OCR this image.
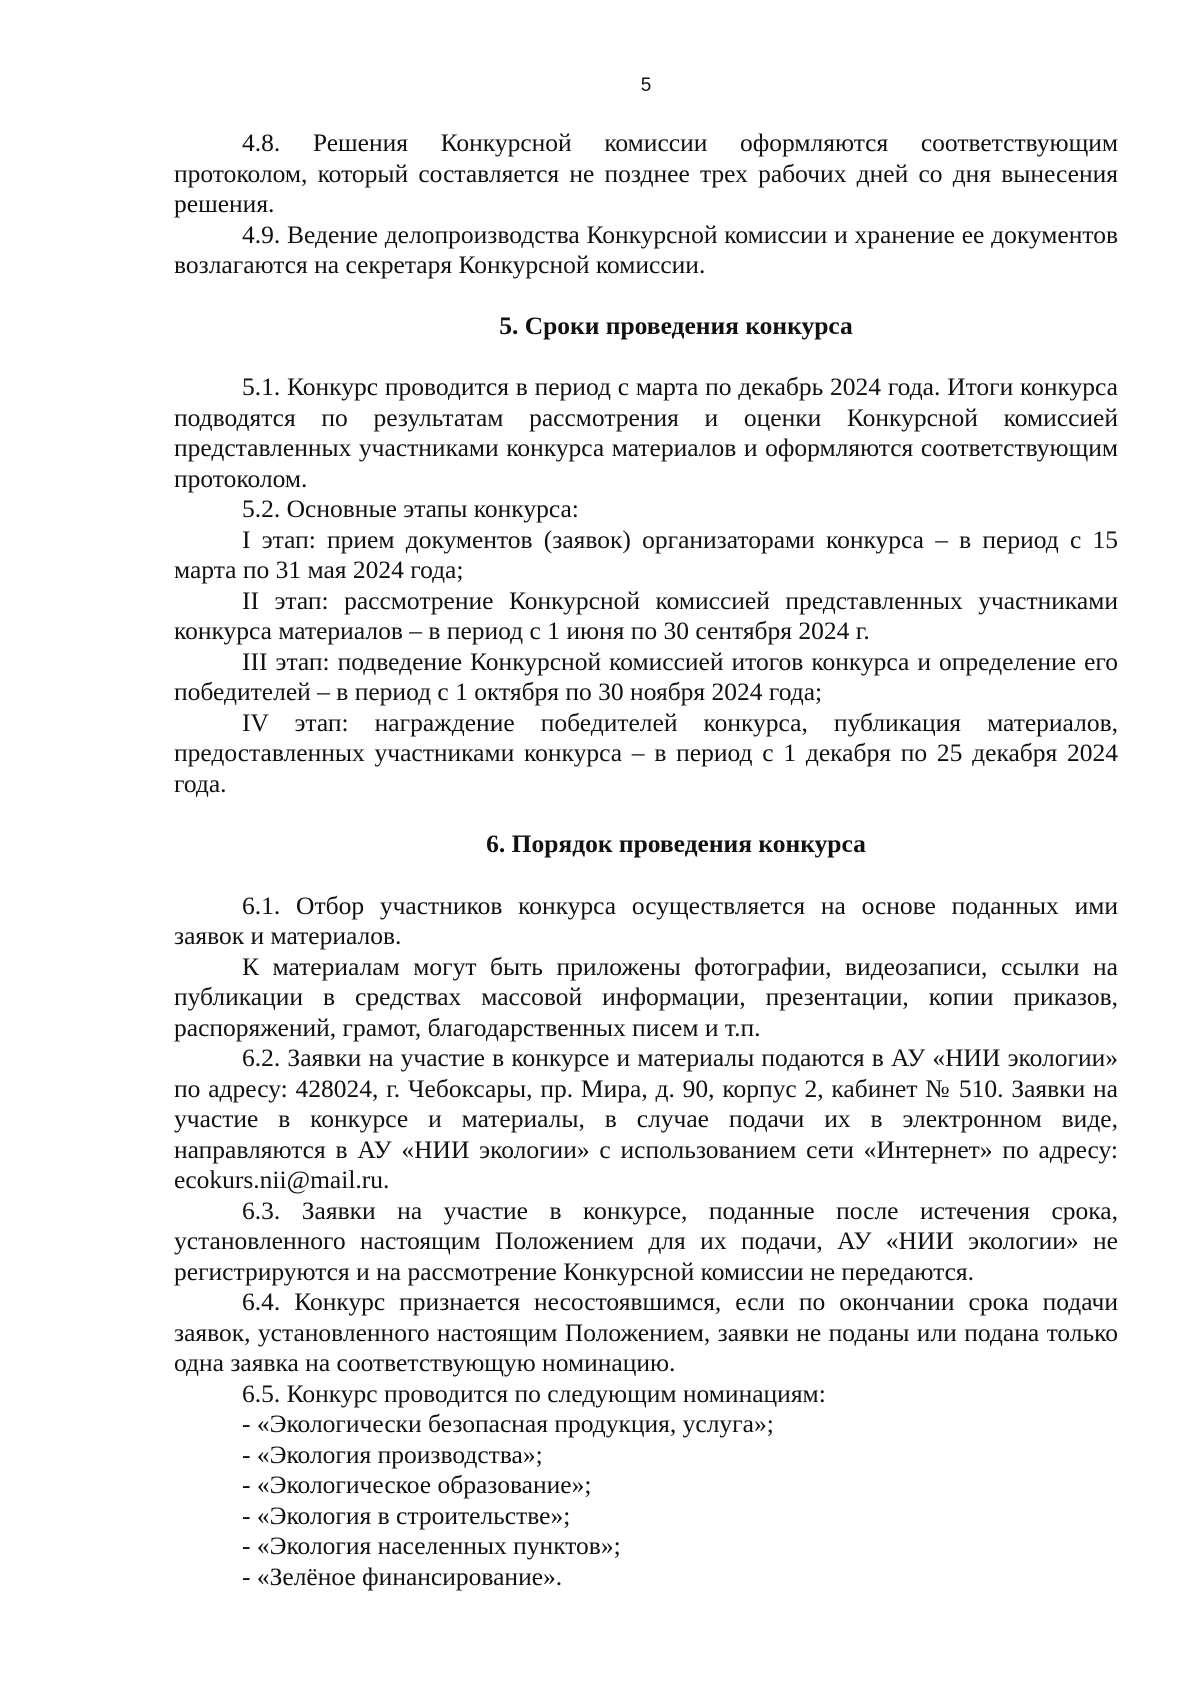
5

4.8. Решения Конкурсной комиссии оформляются соответствующим протоколом, который составляется не позднее трех рабочих дней со дня вынесения решения.

4.9. Ведение делопроизводства Конкурсной комиссии и хранение ее документов возлагаются на секретаря Конкурсной комиссии.

5. Сроки проведения конкурса

5.1. Конкурс проводится в период с марта по декабрь 2024 года. Итоги конкурса подводятся по результатам рассмотрения и оценки Конкурсной комиссией представленных участниками конкурса материалов и оформляются соответствующим протоколом.

5.2. Основные этапы конкурса:

I этап: прием документов (заявок) организаторами конкурса – в период с 15 марта по 31 мая 2024 года;

II этап: рассмотрение Конкурсной комиссией представленных участниками конкурса материалов – в период с 1 июня по 30 сентября 2024 г.

III этап: подведение Конкурсной комиссией итогов конкурса и определение его победителей – в период с 1 октября по 30 ноября 2024 года;

IV этап: награждение победителей конкурса, публикация материалов, предоставленных участниками конкурса – в период с 1 декабря по 25 декабря 2024 года.

6. Порядок проведения конкурса

6.1. Отбор участников конкурса осуществляется на основе поданных ими заявок и материалов.

К материалам могут быть приложены фотографии, видеозаписи, ссылки на публикации в средствах массовой информации, презентации, копии приказов, распоряжений, грамот, благодарственных писем и т.п.

6.2. Заявки на участие в конкурсе и материалы подаются в АУ «НИИ экологии» по адресу: 428024, г. Чебоксары, пр. Мира, д. 90, корпус 2, кабинет № 510. Заявки на участие в конкурсе и материалы, в случае подачи их в электронном виде, направляются в АУ «НИИ экологии» с использованием сети «Интернет» по адресу: ecokurs.nii@mail.ru.

6.3. Заявки на участие в конкурсе, поданные после истечения срока, установленного настоящим Положением для их подачи, АУ «НИИ экологии» не регистрируются и на рассмотрение Конкурсной комиссии не передаются.

6.4. Конкурс признается несостоявшимся, если по окончании срока подачи заявок, установленного настоящим Положением, заявки не поданы или подана только одна заявка на соответствующую номинацию.

6.5. Конкурс проводится по следующим номинациям:

- «Экологически безопасная продукция, услуга»;

- «Экология производства»;

- «Экологическое образование»;

- «Экология в строительстве»;

- «Экология населенных пунктов»;

- «Зелёное финансирование».
